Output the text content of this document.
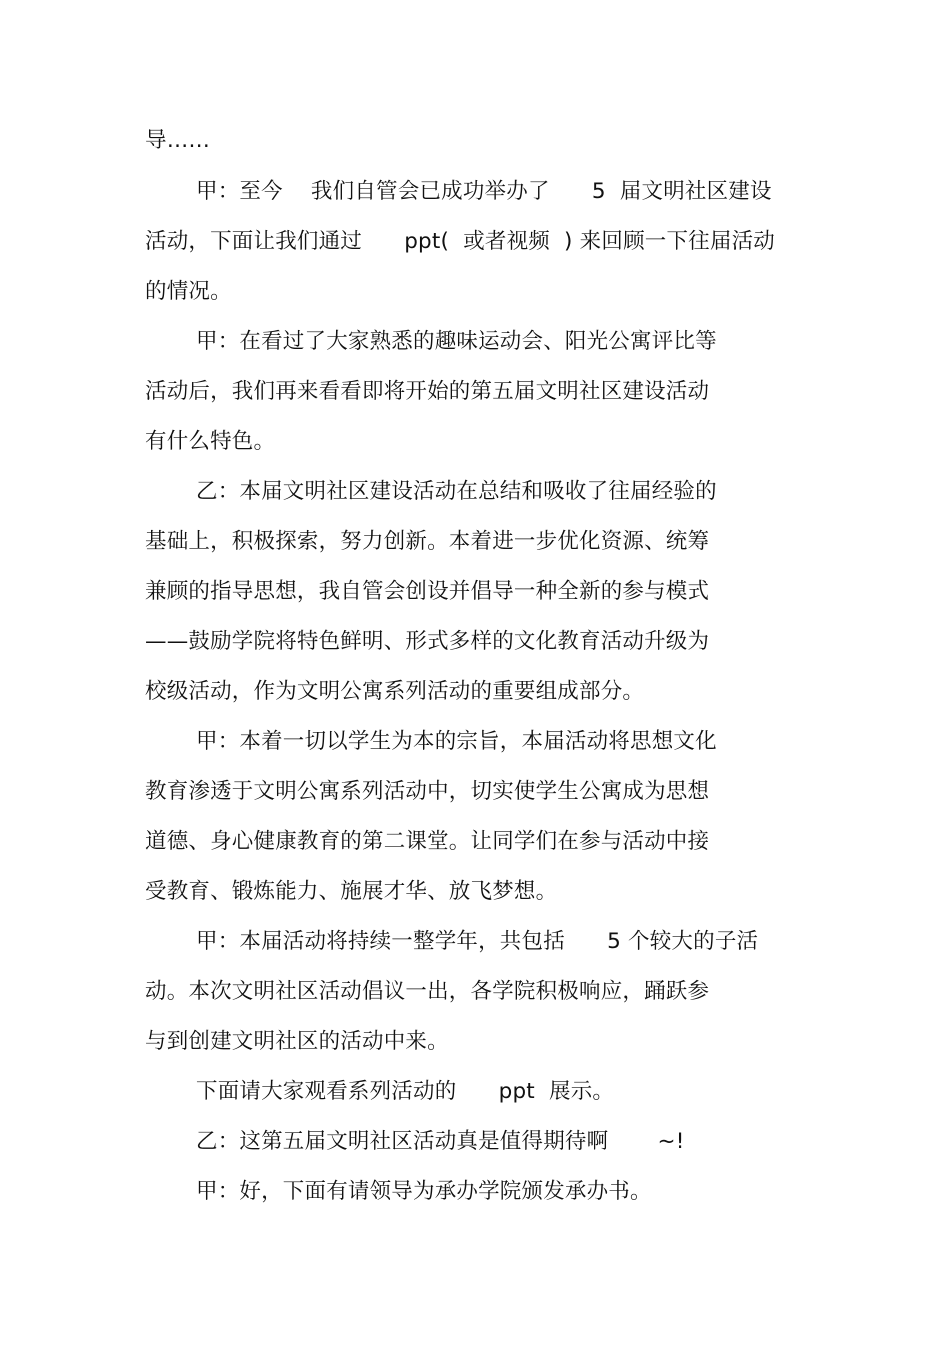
导……
甲：至今    我们自管会已成功举办了      5  届文明社区建设
活动，下面让我们通过      ppt(  或者视频  ) 来回顾一下往届活动
的情况。
甲：在看过了大家熟悉的趣味运动会、阳光公寓评比等
活动后，我们再来看看即将开始的第五届文明社区建设活动
有什么特色。
乙：本届文明社区建设活动在总结和吸收了往届经验的
基础上，积极探索，努力创新。本着进一步优化资源、统筹
兼顾的指导思想，我自管会创设并倡导一种全新的参与模式
——鼓励学院将特色鲜明、形式多样的文化教育活动升级为
校级活动，作为文明公寓系列活动的重要组成部分。
甲：本着一切以学生为本的宗旨，本届活动将思想文化
教育渗透于文明公寓系列活动中，切实使学生公寓成为思想
道德、身心健康教育的第二课堂。让同学们在参与活动中接
受教育、锻炼能力、施展才华、放飞梦想。
甲：本届活动将持续一整学年，共包括      5 个较大的子活
动。本次文明社区活动倡议一出，各学院积极响应，踊跃参
与到创建文明社区的活动中来。
下面请大家观看系列活动的      ppt  展示。
乙：这第五届文明社区活动真是值得期待啊       ~!
甲：好，下面有请领导为承办学院颁发承办书。
